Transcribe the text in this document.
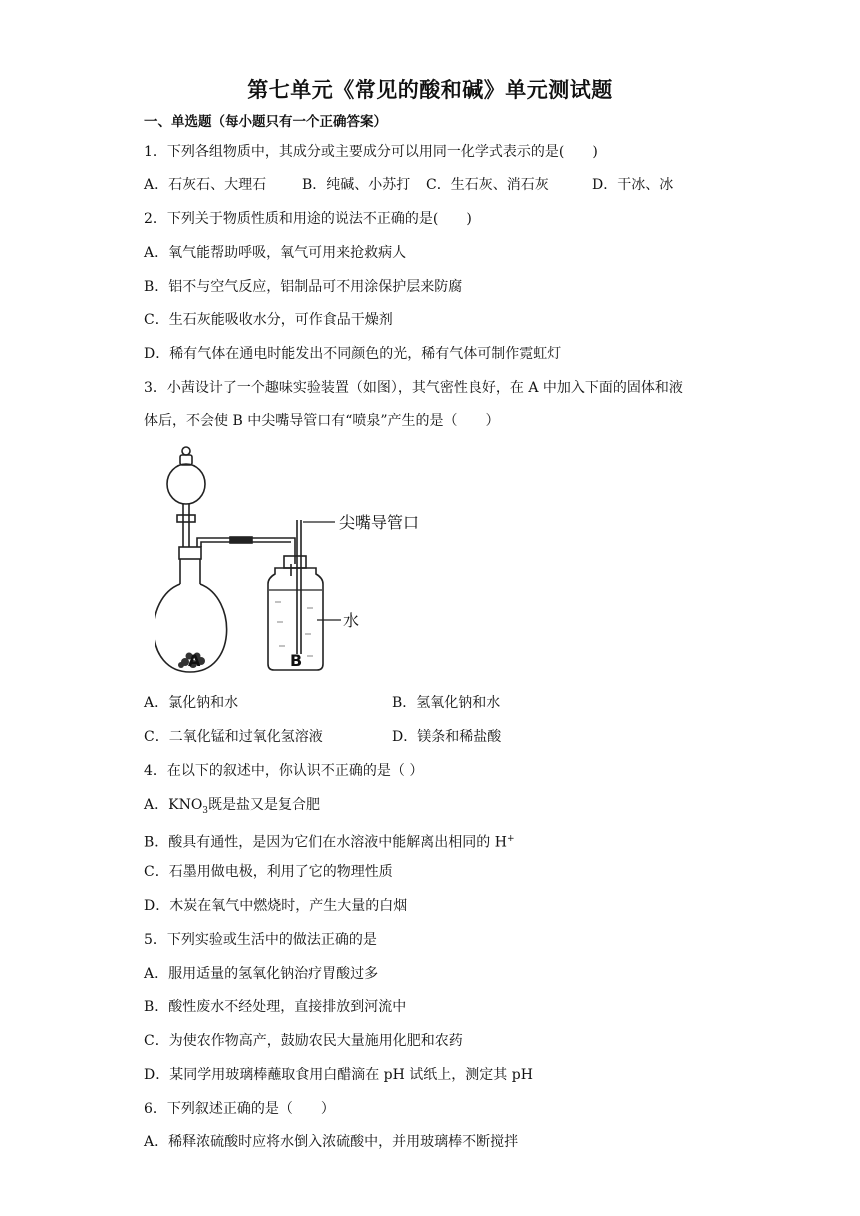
第七单元《常见的酸和碱》单元测试题
一、单选题（每小题只有一个正确答案）
1．下列各组物质中，其成分或主要成分可以用同一化学式表示的是(　　)
A．石灰石、大理石	B．纯碱、小苏打 C．生石灰、消石灰	D．干冰、冰
2．下列关于物质性质和用途的说法不正确的是(　　)
A．氧气能帮助呼吸，氧气可用来抢救病人
B．铝不与空气反应，铝制品可不用涂保护层来防腐
C．生石灰能吸收水分，可作食品干燥剂
D．稀有气体在通电时能发出不同颜色的光，稀有气体可制作霓虹灯
3．小茜设计了一个趣味实验装置（如图），其气密性良好，在 A 中加入下面的固体和液
体后，不会使 B 中尖嘴导管口有“喷泉”产生的是（　　）
尖嘴导管口
水
A	B
A．氯化钠和水	B．氢氧化钠和水
C．二氧化锰和过氧化氢溶液	D．镁条和稀盐酸
4．在以下的叙述中，你认识不正确的是（ ）
A．$KNO_3$既是盐又是复合肥
B．酸具有通性，是因为它们在水溶液中能解离出相同的 H+
C．石墨用做电极，利用了它的物理性质
D．木炭在氧气中燃烧时，产生大量的白烟
5．下列实验或生活中的做法正确的是
A．服用适量的氢氧化钠治疗胃酸过多
B．酸性废水不经处理，直接排放到河流中
C．为使农作物高产，鼓励农民大量施用化肥和农药
D．某同学用玻璃棒蘸取食用白醋滴在 pH 试纸上，测定其 pH
6．下列叙述正确的是（　　）
A．稀释浓硫酸时应将水倒入浓硫酸中，并用玻璃棒不断搅拌
